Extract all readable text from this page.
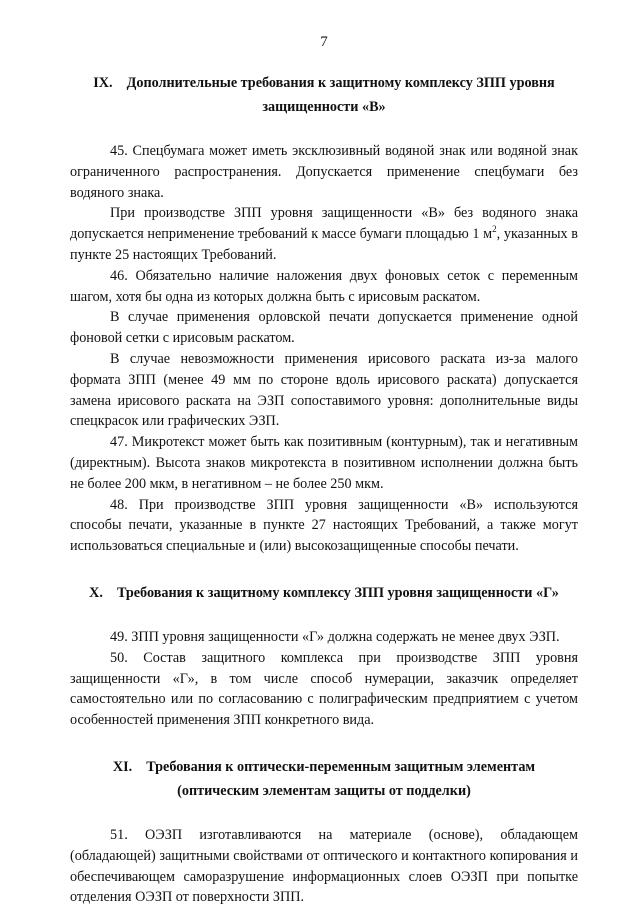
7
IX. Дополнительные требования к защитному комплексу ЗПП уровня
защищенности «В»

45. Спецбумага может иметь эксклюзивный водяной знак или водяной знак ограниченного распространения. Допускается применение спецбумаги без водяного знака.

При производстве ЗПП уровня защищенности «В» без водяного знака допускается неприменение требований к массе бумаги площадью 1 $м^2$, указанных в пункте 25 настоящих Требований.

46. Обязательно наличие наложения двух фоновых сеток с переменным шагом, хотя бы одна из которых должна быть с ирисовым раскатом.

В случае применения орловской печати допускается применение одной фоновой сетки с ирисовым раскатом.

В случае невозможности применения ирисового раската из-за малого формата ЗПП (менее 49 мм по стороне вдоль ирисового раската) допускается замена ирисового раската на ЭЗП сопоставимого уровня: дополнительные виды спецкрасок или графических ЭЗП.

47. Микротекст может быть как позитивным (контурным), так и негативным (директным). Высота знаков микротекста в позитивном исполнении должна быть не более 200 мкм, в негативном – не более 250 мкм.

48. При производстве ЗПП уровня защищенности «В» используются способы печати, указанные в пункте 27 настоящих Требований, а также могут использоваться специальные и (или) высокозащищенные способы печати.

X. Требования к защитному комплексу ЗПП уровня защищенности «Г»

49. ЗПП уровня защищенности «Г» должна содержать не менее двух ЭЗП.

50. Состав защитного комплекса при производстве ЗПП уровня защищенности «Г», в том числе способ нумерации, заказчик определяет самостоятельно или по согласованию с полиграфическим предприятием с учетом особенностей применения ЗПП конкретного вида.

XI. Требования к оптически-переменным защитным элементам
(оптическим элементам защиты от подделки)

51. ОЭЗП изготавливаются на материале (основе), обладающем (обладающей) защитными свойствами от оптического и контактного копирования и обеспечивающем саморазрушение информационных слоев ОЭЗП при попытке отделения ОЭЗП от поверхности ЗПП.
